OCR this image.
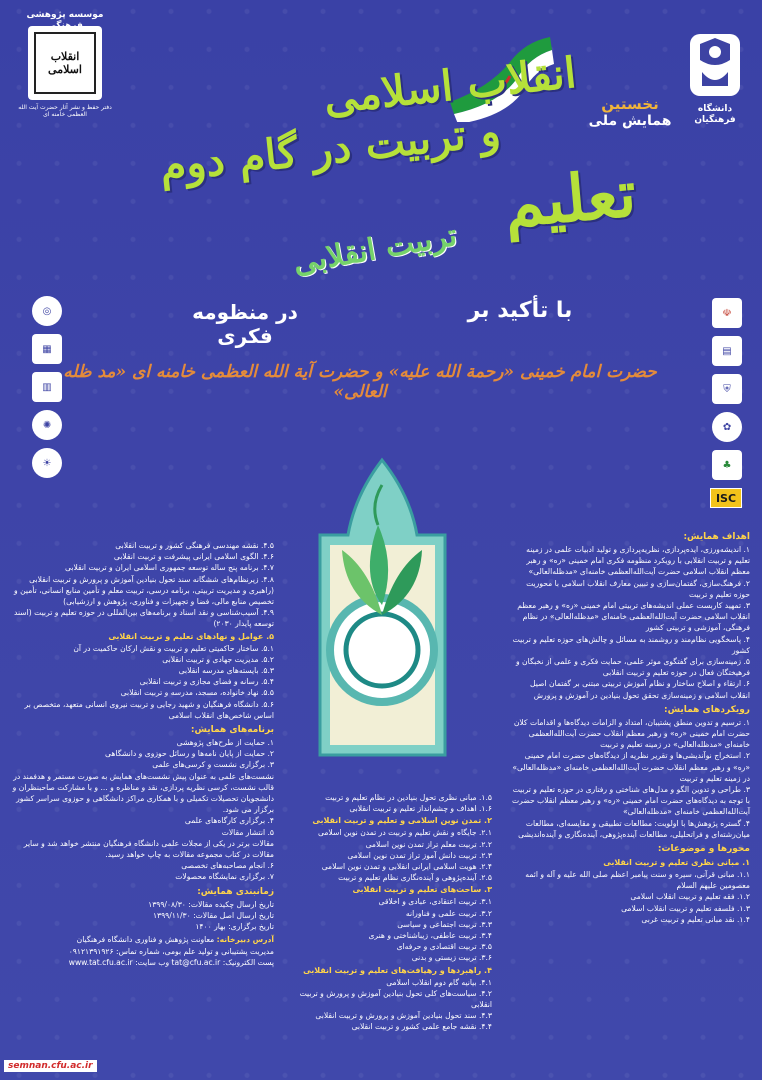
موسسه پژوهشی
انقلاب اسلامی
دفتر حفظ و نشر آثار حضرت آیت الله العظمی خامنه ای
دانشگاه فرهنگیان
نخستین
همایش ملی
انقلاب اسلامی
و تربیت در گام دوم
تعلیم
تربیت انقلابی
با تأکید بر
در منظومه فکری
حضرت امام خمینی «رحمة الله علیه» و حضرت آیة الله العظمی خامنه ای «مد ظله العالی»
◎
▦
▥
✺
☀
☫
▤
⛨
✿
♣
ISC
اهداف همایش:
۱. اندیشه‌ورزی، ایده‌پردازی، نظریه‌پردازی و تولید ادبیات علمی در زمینه تعلیم و تربیت انقلابی با رویکرد منظومه فکری امام خمینی «ره» و رهبر معظم انقلاب اسلامی حضرت آیت‌الله‌العظمی خامنه‌ای «مدظله‌العالی»
۲. فرهنگ‌سازی، گفتمان‌سازی و تبیین معارف انقلاب اسلامی با محوریت حوزه تعلیم و تربیت
۳. تمهید کاربست عملی اندیشه‌های تربیتی امام خمینی «ره» و رهبر معظم انقلاب اسلامی حضرت آیت‌الله‌العظمی خامنه‌ای «مدظله‌العالی» در نظام فرهنگی، آموزشی و تربیتی کشور
۴. پاسخگویی نظام‌مند و روشمند به مسائل و چالش‌های حوزه تعلیم و تربیت کشور
۵. زمینه‌سازی برای گفتگوی موثر علمی، حمایت فکری و علمی از نخبگان و فرهیختگان فعال در حوزه تعلیم و تربیت انقلابی
۶. ارتقاء و اصلاح ساختار و نظام آموزش تربیتی مبتنی بر گفتمان اصیل انقلاب اسلامی و زمینه‌سازی تحقق تحول بنیادین در آموزش و پرورش
رویکردهای همایش:
۱. ترسیم و تدوین منطق پشتیبان، امتداد و الزامات دیدگاه‌ها و اقدامات کلان حضرت امام خمینی «ره» و رهبر معظم انقلاب حضرت آیت‌الله‌العظمی خامنه‌ای «مدظله‌العالی» در زمینه تعلیم و تربیت
۲. استخراج نوآندیشی‌ها و تقریر نظریه از دیدگاه‌های حضرت امام خمینی «ره» و رهبر معظم انقلاب حضرت آیت‌الله‌العظمی خامنه‌ای «مدظله‌العالی» در زمینه تعلیم و تربیت
۳. طراحی و تدوین الگو و مدل‌های شناختی و رفتاری در حوزه تعلیم و تربیت با توجه به دیدگاه‌های حضرت امام خمینی «ره» و رهبر معظم انقلاب حضرت آیت‌الله‌العظمی خامنه‌ای «مدظله‌العالی»
۴. گستره پژوهش‌ها با اولویت: مطالعات تطبیقی و مقایسه‌ای، مطالعات میان‌رشته‌ای و فراتحلیلی، مطالعات آینده‌پژوهی، آینده‌نگاری و آینده‌اندیشی
محورها و موضوعات:
۱. مبانی نظری تعلیم و تربیت انقلابی
۱.۱. مبانی قرآنی، سیره و سنت پیامبر اعظم صلی الله علیه و آله و ائمه معصومین علیهم السلام
۱.۲. فقه تعلیم و تربیت انقلاب اسلامی
۱.۳. فلسفه تعلیم و تربیت انقلاب اسلامی
۱.۴. نقد مبانی تعلیم و تربیت غربی
۱.۵. مبانی نظری تحول بنیادین در نظام تعلیم و تربیت
۱.۶. اهداف و چشم‌انداز تعلیم و تربیت انقلابی
۲. تمدن نوین اسلامی و تعلیم و تربیت انقلابی
۲.۱. جایگاه و نقش تعلیم و تربیت در تمدن نوین اسلامی
۲.۲. تربیت معلم تراز تمدن نوین اسلامی
۲.۳. تربیت دانش آموز تراز تمدن نوین اسلامی
۲.۴. هویت اسلامی ایرانی انقلابی و تمدن نوین اسلامی
۲.۵. آینده‌پژوهی و آینده‌نگاری نظام تعلیم و تربیت
۳. ساحت‌های تعلیم و تربیت انقلابی
۳.۱. تربیت اعتقادی، عبادی و اخلاقی
۳.۲. تربیت علمی و فناورانه
۳.۳. تربیت اجتماعی و سیاسی
۳.۴. تربیت عاطفی، زیباشناختی و هنری
۳.۵. تربیت اقتصادی و حرفه‌ای
۳.۶. تربیت زیستی و بدنی
۴. راهبردها و رهیافت‌های تعلیم و تربیت انقلابی
۴.۱. بیانیه گام دوم انقلاب اسلامی
۴.۲. سیاست‌های کلی تحول بنیادین آموزش و پرورش و تربیت انقلابی
۴.۳. سند تحول بنیادین آموزش و پرورش و تربیت انقلابی
۴.۴. نقشه جامع علمی کشور و تربیت انقلابی
۴.۵. نقشه مهندسی فرهنگی کشور و تربیت انقلابی
۴.۶. الگوی اسلامی ایرانی پیشرفت و تربیت انقلابی
۴.۷. برنامه پنج ساله توسعه جمهوری اسلامی ایران و تربیت انقلابی
۴.۸. زیرنظام‌های ششگانه سند تحول بنیادین آموزش و پرورش و تربیت انقلابی (راهبری و مدیریت تربیتی، برنامه درسی، تربیت معلم و تأمین منابع انسانی، تأمین و تخصیص منابع مالی، فضا و تجهیزات و فناوری، پژوهش و ارزشیابی)
۴.۹. آسیب‌شناسی و نقد اسناد و برنامه‌های بین‌المللی در حوزه تعلیم و تربیت (اسند توسعه پایدار ۲۰۳۰)
۵. عوامل و نهادهای تعلیم و تربیت انقلابی
۵.۱. ساختار حاکمیتی تعلیم و تربیت و نقش ارکان حاکمیت در آن
۵.۲. مدیریت جهادی و تربیت انقلابی
۵.۳. بایسته‌های مدرسه انقلابی
۵.۴. رسانه و فضای مجازی و تربیت انقلابی
۵.۵. نهاد خانواده، مسجد، مدرسه و تربیت انقلابی
۵.۶. دانشگاه فرهنگیان و شهید رجایی و تربیت نیروی انسانی متعهد، متخصص بر اساس شاخص‌های انقلاب اسلامی
برنامه‌های همایش:
۱. حمایت از طرح‌های پژوهشی
۲. حمایت از پایان نامه‌ها و رسائل حوزوی و دانشگاهی
۳. برگزاری نشست و کرسی‌های علمی
نشست‌های علمی به عنوان پیش نشست‌های همایش به صورت مستمر و هدفمند در قالب نشست، کرسی نظریه پردازی، نقد و مناظره و ... و با مشارکت صاحبنظران و دانشجویان تحصیلات تکمیلی و با همکاری مراکز دانشگاهی و حوزوی سراسر کشور برگزار می شود.
۴. برگزاری کارگاه‌های علمی
۵. انتشار مقالات
مقالات برتر در یکی از مجلات علمی دانشگاه فرهنگیان منتشر خواهد شد و سایر مقالات در کتاب مجموعه مقالات به چاپ خواهد رسید.
۶. انجام مصاحبه‌های تخصصی
۷. برگزاری نمایشگاه محصولات
زمانبندی همایش:
تاریخ ارسال چکیده مقالات: ۱۳۹۹/۰۸/۳۰
تاریخ ارسال اصل مقالات: ۱۳۹۹/۱۱/۳۰
تاریخ برگزاری: بهار ۱۴۰۰
آدرس دبیرخانه: معاونت پژوهش و فناوری دانشگاه فرهنگیان
مدیریت پشتیبانی و تولید علم بومی، شماره تماس: ۰۹۱۲۱۳۹۱۹۲۶
پست الکترونیک: tat@cfu.ac.ir وب سایت: www.tat.cfu.ac.ir
semnan.cfu.ac.ir
